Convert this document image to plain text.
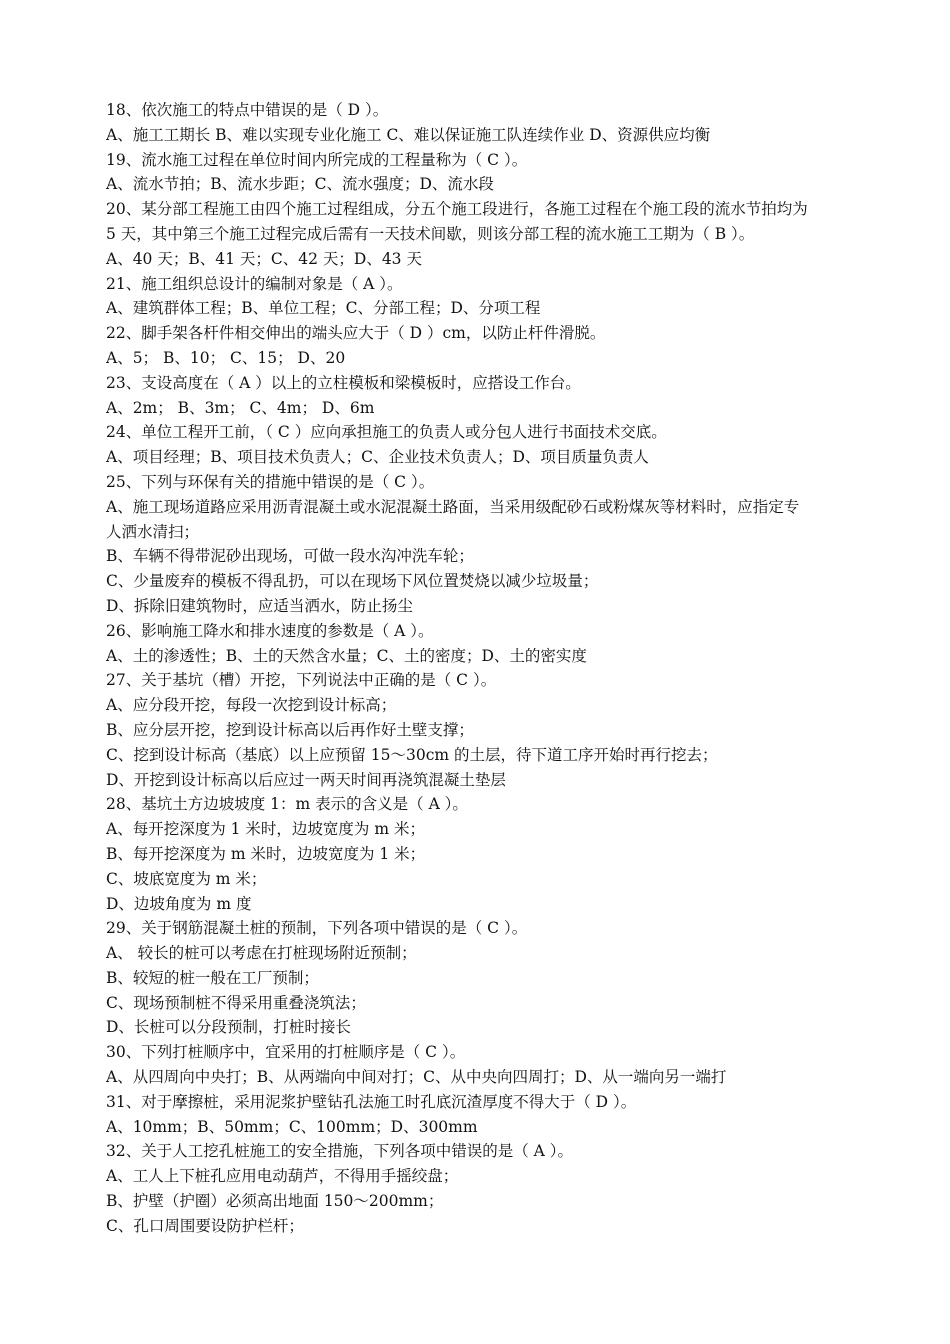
18、依次施工的特点中错误的是（ D ）。
A、施工工期长 B、难以实现专业化施工 C、难以保证施工队连续作业 D、资源供应均衡
19、流水施工过程在单位时间内所完成的工程量称为（ C ）。
A、流水节拍；B、流水步距；C、流水强度；D、流水段
20、某分部工程施工由四个施工过程组成，分五个施工段进行，各施工过程在个施工段的流水节拍均为
5 天，其中第三个施工过程完成后需有一天技术间歇，则该分部工程的流水施工工期为（ B ）。
A、40 天；B、41 天；C、42 天；D、43 天
21、施工组织总设计的编制对象是（ A ）。
A、建筑群体工程；B、单位工程；C、分部工程；D、分项工程
22、脚手架各杆件相交伸出的端头应大于（ D ）cm，以防止杆件滑脱。
A、5； B、10； C、15； D、20
23、支设高度在（ A ）以上的立柱模板和梁模板时，应搭设工作台。
A、2m； B、3m； C、4m； D、6m
24、单位工程开工前，（ C ）应向承担施工的负责人或分包人进行书面技术交底。
A、项目经理；B、项目技术负责人；C、企业技术负责人；D、项目质量负责人
25、下列与环保有关的措施中错误的是（ C ）。
A、施工现场道路应采用沥青混凝土或水泥混凝土路面，当采用级配砂石或粉煤灰等材料时，应指定专
人洒水清扫；
B、车辆不得带泥砂出现场，可做一段水沟冲洗车轮；
C、少量废弃的模板不得乱扔，可以在现场下风位置焚烧以减少垃圾量；
D、拆除旧建筑物时，应适当洒水，防止扬尘
26、影响施工降水和排水速度的参数是（ A ）。
A、土的渗透性；B、土的天然含水量；C、土的密度；D、土的密实度
27、关于基坑（槽）开挖，下列说法中正确的是（ C ）。
A、应分段开挖，每段一次挖到设计标高；
B、应分层开挖，挖到设计标高以后再作好土壁支撑；
C、挖到设计标高（基底）以上应预留 15～30cm 的土层，待下道工序开始时再行挖去；
D、开挖到设计标高以后应过一两天时间再浇筑混凝土垫层
28、基坑土方边坡坡度 1：m 表示的含义是（ A ）。
A、每开挖深度为 1 米时，边坡宽度为 m 米；
B、每开挖深度为 m 米时，边坡宽度为 1 米；
C、坡底宽度为 m 米；
D、边坡角度为 m 度
29、关于钢筋混凝土桩的预制，下列各项中错误的是（ C ）。
A、 较长的桩可以考虑在打桩现场附近预制；
B、较短的桩一般在工厂预制；
C、现场预制桩不得采用重叠浇筑法；
D、长桩可以分段预制，打桩时接长
30、下列打桩顺序中，宜采用的打桩顺序是（ C ）。
A、从四周向中央打；B、从两端向中间对打；C、从中央向四周打；D、从一端向另一端打
31、对于摩擦桩，采用泥浆护壁钻孔法施工时孔底沉渣厚度不得大于（ D ）。
A、10mm；B、50mm；C、100mm；D、300mm
32、关于人工挖孔桩施工的安全措施，下列各项中错误的是（ A ）。
A、工人上下桩孔应用电动葫芦，不得用手摇绞盘；
B、护壁（护圈）必须高出地面 150～200mm；
C、孔口周围要设防护栏杆；
